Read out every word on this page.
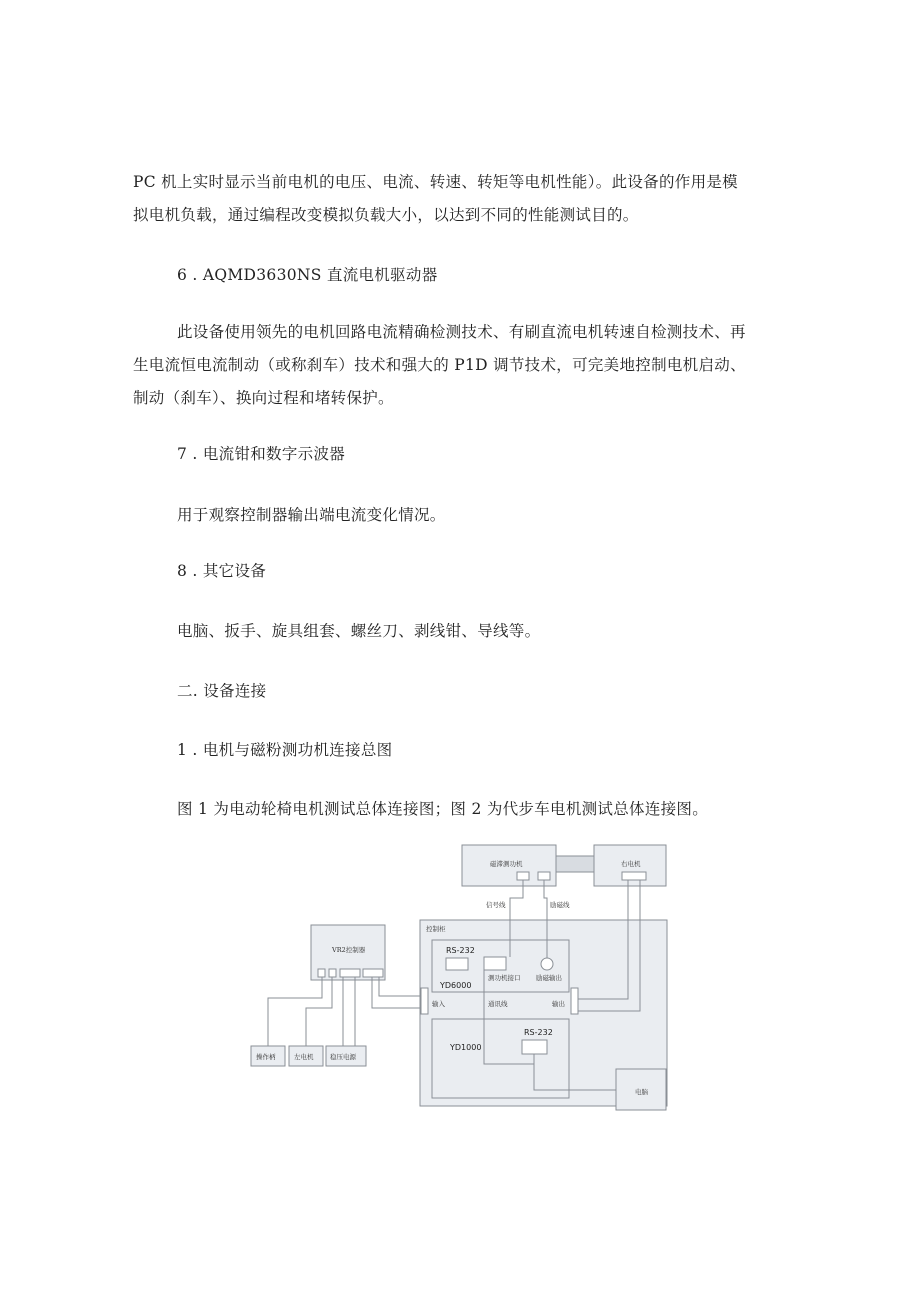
PC 机上实时显示当前电机的电压、电流、转速、转矩等电机性能）。此设备的作用是模
拟电机负载，通过编程改变模拟负载大小，以达到不同的性能测试目的。
6 . AQMD3630NS 直流电机驱动器
此设备使用领先的电机回路电流精确检测技术、有刷直流电机转速自检测技术、再
生电流恒电流制动（或称刹车）技术和强大的 P1D 调节技术，可完美地控制电机启动、
制动（刹车）、换向过程和堵转保护。
7 . 电流钳和数字示波器
用于观察控制器输出端电流变化情况。
8 . 其它设备
电脑、扳手、旋具组套、螺丝刀、剥线钳、导线等。
二. 设备连接
1 . 电机与磁粉测功机连接总图
图 1 为电动轮椅电机测试总体连接图；图 2 为代步车电机测试总体连接图。
磁滞测功机	右电机
信号线	励磁线
控制柜
VR2控制器
测功机接口 励磁输出
输入	通讯线	输出
操作柄	左电机	稳压电源
电脑
RS-232
YD6000
RS-232
YD1000
